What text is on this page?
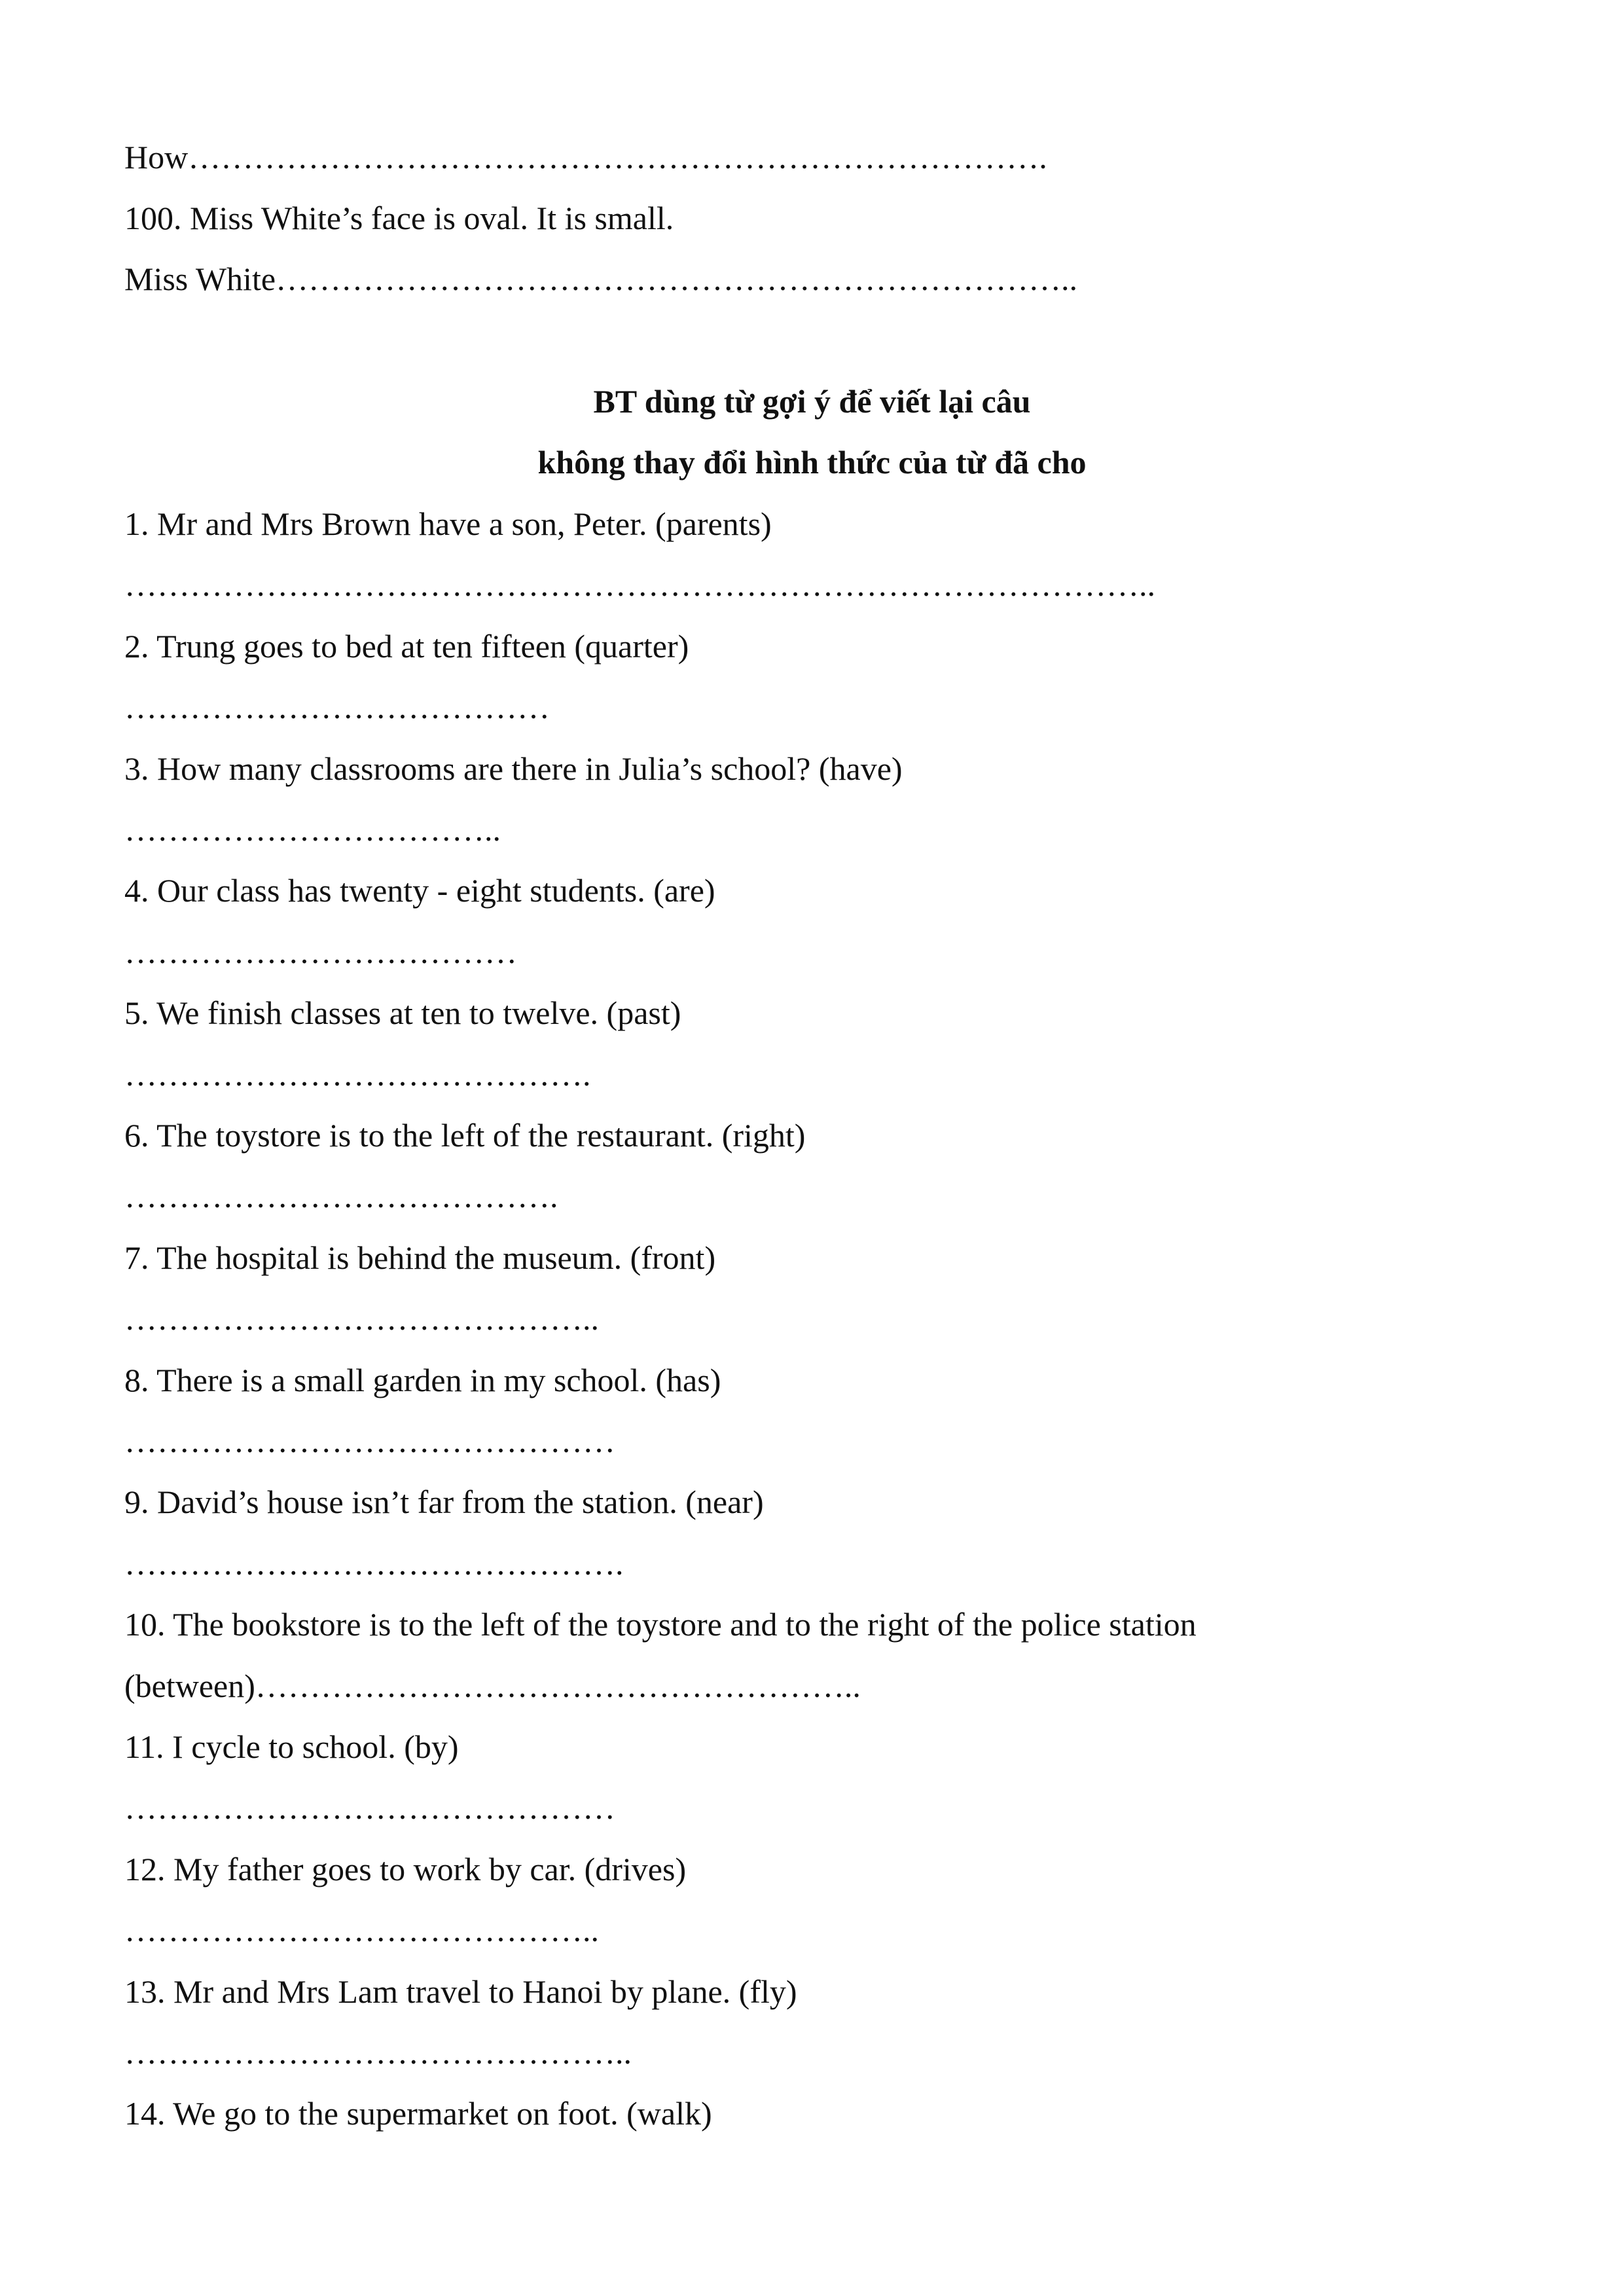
How…………………………………………………………………….
100. Miss White’s face is oval. It is small.
Miss White………………………………………………………………..
BT dùng từ gợi ý để viết lại câu
không thay đổi hình thức của từ đã cho
1. Mr and Mrs Brown have a son, Peter. (parents)
…………………………………………………………………………………..
2. Trung goes to bed at ten fifteen (quarter)
…………………………………
3. How many classrooms are there in Julia’s school? (have)
……………………………..
4. Our class has twenty - eight students. (are)
………………………………
5. We finish classes at ten to twelve. (past)
…………………………………….
6. The toystore is to the left of the restaurant. (right)
………………………………….
7. The hospital is behind the museum. (front)
……………………………………..
8. There is a small garden in my school. (has)
………………………………………
9. David’s house isn’t far from the station. (near)
……………………………………….
10. The bookstore is to the left of the toystore and to the right of the police station
(between)………………………………………………..
11. I cycle to school. (by)
………………………………………
12. My father goes to work by car. (drives)
……………………………………..
13. Mr and Mrs Lam travel to Hanoi by plane. (fly)
………………………………………..
14. We go to the supermarket on foot. (walk)
